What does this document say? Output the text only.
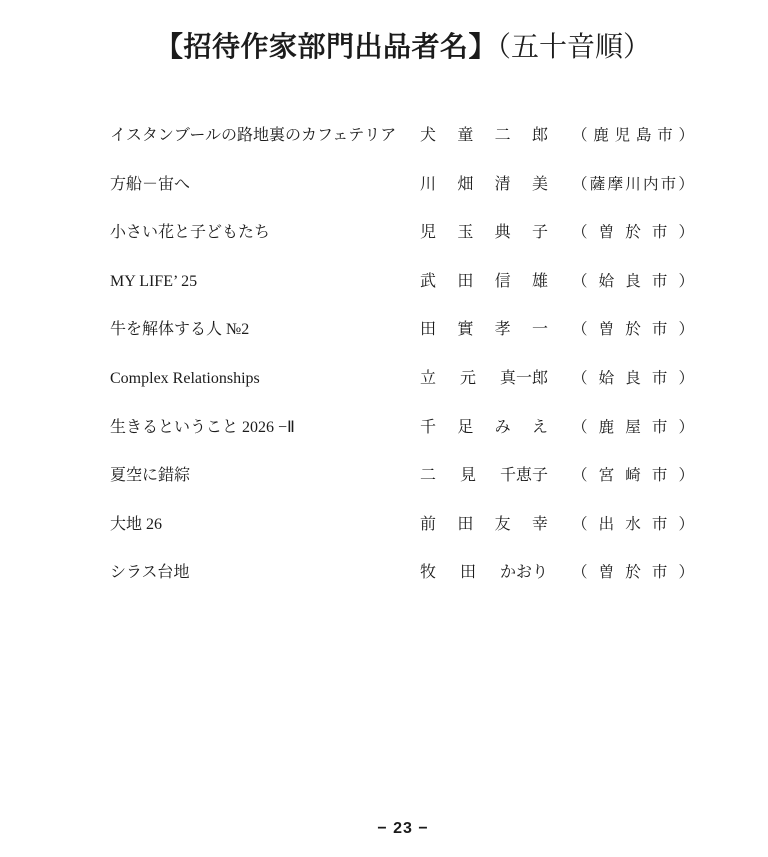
【招待作家部門出品者名】（五十音順）
イスタンブールの路地裏のカフェテリア	犬 童 二 郎 （ 鹿 児 島 市 ）
方船－宙へ	川 畑 清 美 （ 薩 摩 川 内 市 ）
小さい花と子どもたち	児 玉 典 子 （ 曽 於 市 ）
MY LIFE’ 25	武 田 信 雄 （ 姶 良 市 ）
牛を解体する人 №2	田 實 孝 一 （ 曽 於 市 ）
Complex Relationships	立 元 真一郎 （ 姶 良 市 ）
生きるということ 2026 −Ⅱ	千 足 み え （ 鹿 屋 市 ）
夏空に錯綜	二 見 千恵子 （ 宮 崎 市 ）
大地 26	前 田 友 幸 （ 出 水 市 ）
シラス台地	牧 田 かおり （ 曽 於 市 ）
− 23 −
